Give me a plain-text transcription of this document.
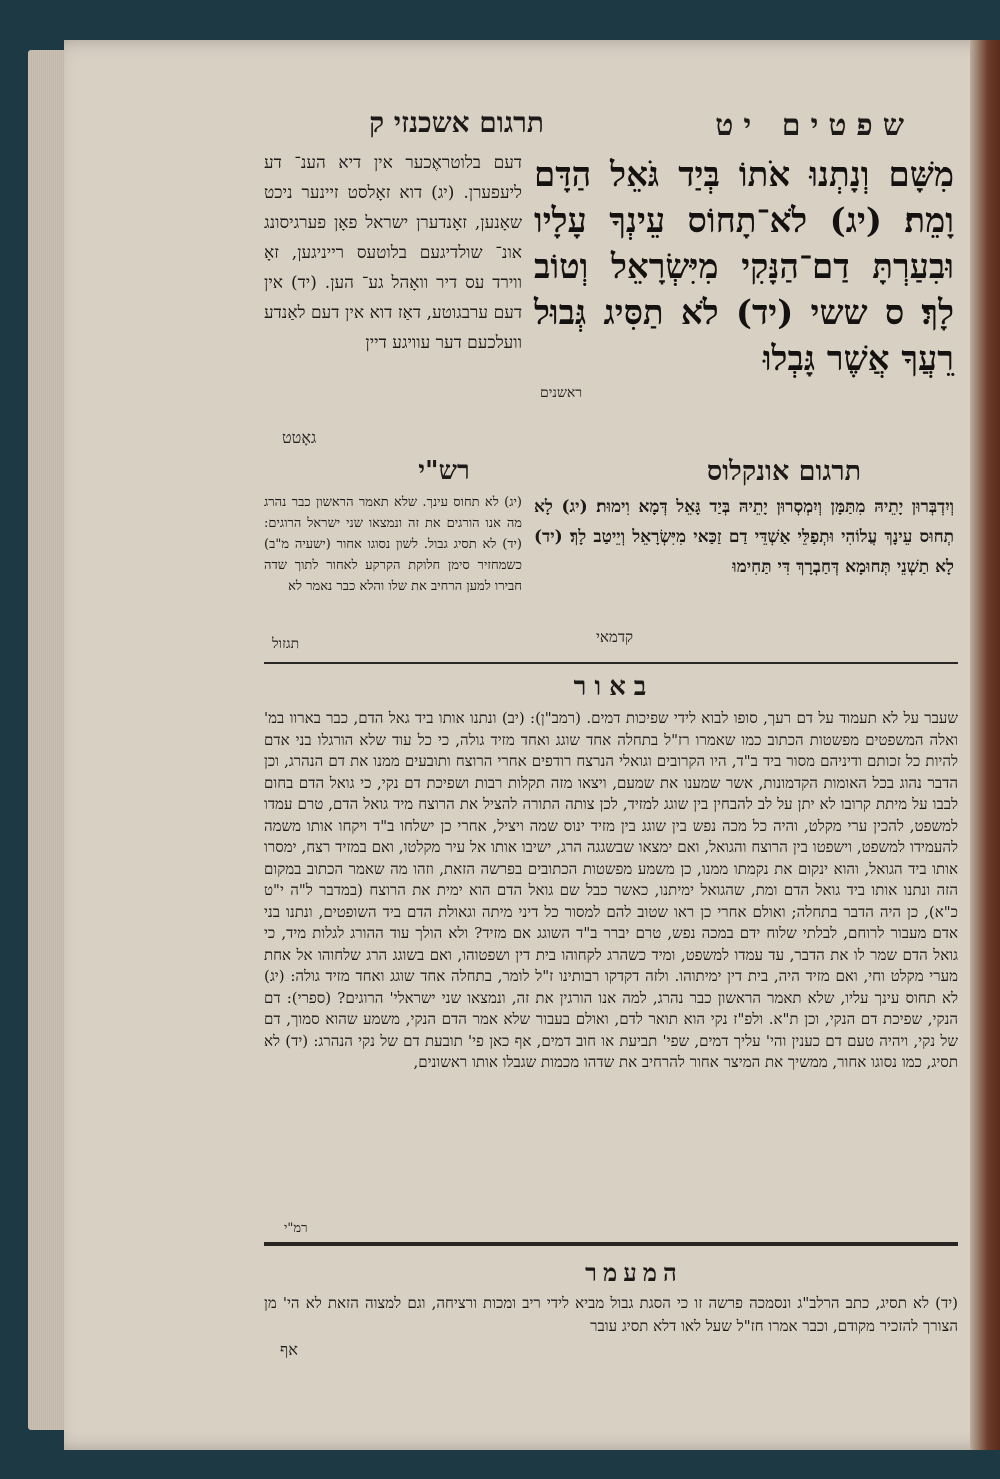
שפטים יט
תרגום אשכנזי ק
מִשָּׁם וְנָתְנוּ אֹתוֹ בְּיַד גֹּאֵל הַדָּם וָמֵת׃ (יג) לֹא־תָחוֹס עֵינְךָ עָלָיו וּבִעַרְתָּ דַם־הַנָּקִי מִיִּשְׂרָאֵל וְטוֹב לָךְ׃ ס ששי (יד) לֹא תַסִּיג גְּבוּל רֵעֲךָ אֲשֶׁר גָּבְלוּ
ראשנים
דעם בלוטראֶכער אין דיא הענ־ דע ליעפערן. (יג) דוא זאָלסט זיינער ניכט שאָנען, זאָנדערן ישראל פאָן פערגיסונג אונ־ שולדיגעם בלוטעס רייניגען, זאָ ווירד עס דיר וואָהל גע־ הען. (יד) אין דעם ערבגוטע, דאַז דוא אין דעם לאַנדע וועלכעם דער עוויגע דיין
גאָטט
תרגום אונקלוס
וְיִדְבְּרוּן יָתֵיהּ מִתַּמָּן וְיִמְסְרוּן יָתֵיהּ בְּיַד גָּאֵל דְּמָא וִימוּת׃ (יג) לָא תְחוּס עֵינָךְ עֲלוֹהִי וּתְפַלֵּי אַשְׁדֵּי דַם זַכַּאי מִיִּשְׂרָאֵל וְיֵיטַב לָךְ׃ (יד) לָא תַשְׁנֵי תְּחוּמָא דְּחַבְרָךְ דִּי תַּחִימוּ
קדמאי
רש"י
(יג) לא תחוס עינך. שלא תאמר הראשון כבר נהרג מה אנו הורגים את זה ונמצאו שני ישראל הרוגים: (יד) לא תסיג גבול. לשון נסוגו אחור (ישעיה מ"ב) כשמחזיר סימן חלוקת הקרקע לאחור לתוך שדה חבירו למען הרחיב את שלו והלא כבר נאמר לא
תגזול
באור
שעבר על לא תעמוד על דם רעך, סופו לבוא לידי שפיכות דמים. (רמב"ן): (יב) ונתנו אותו ביד גאל הדם, כבר בארוו במ' ואלה המשפטים מפשטות הכתוב כמו שאמרו רז"ל בתחלה אחד שוגג ואחד מזיד גולה, כי כל עוד שלא הורגלו בני אדם להיות כל זכותם ודיניהם מסור ביד ב"ד, היו הקרובים וגואלי הנרצח רודפים אחרי הרוצח ותובעים ממנו את דם הנהרג, וכן הדבר נהוג בכל האומות הקדמונות, אשר שמענו את שמעם, ויצאו מזה תקלות רבות ושפיכת דם נקי, כי גואל הדם בחום לבבו על מיתת קרובו לא יתן על לב להבחין בין שוגג למזיד, לכן צותה התורה להציל את הרוצח מיד גואל הדם, טרם עמדו למשפט, להכין ערי מקלט, והיה כל מכה נפש בין שוגג בין מזיד ינוס שמה ויציל, אחרי כן ישלחו ב"ד ויקחו אותו משמה להעמידו למשפט, וישפטו בין הרוצח והגואל, ואם ימצאו שבשגגה הרג, ישיבו אותו אל עיר מקלטו, ואם במזיד רצח, ימסרו אותו ביד הגואל, והוא ינקום את נקמתו ממנו, כן משמע מפשטות הכתובים בפרשה הזאת, וזהו מה שאמר הכתוב במקום הזה ונתנו אותו ביד גואל הדם ומת, שהגואל ימיתנו, כאשר כבל שם גואל הדם הוא ימית את הרוצח (במדבר ל"ה י"ט כ"א), כן היה הדבר בתחלה; ואולם אחרי כן ראו שטוב להם למסור כל דיני מיתה וגאולת הדם ביד השופטים, ונתנו בני אדם מעבור לרוחם, לבלתי שלוח ידם במכה נפש, טרם יברר ב"ד השוגג אם מזיד? ולא הולך עוד ההורג לגלות מיד, כי גואל הדם שמר לו את הדבר, עד עמדו למשפט, ומיד כשהרג לקחוהו בית דין ושפטוהו, ואם בשוגג הרג שלחוהו אל אחת מערי מקלט וחי, ואם מזיד היה, בית דין ימיתוהו. ולזה דקדקו רבותינו ז"ל לומר, בתחלה אחד שוגג ואחד מזיד גולה: (יג) לא תחוס עינך עליו, שלא תאמר הראשון כבר נהרג, למה אנו הורגין את זה, ונמצאו שני ישראלי' הרוגים? (ספרי): דם הנקי, שפיכת דם הנקי, וכן ת"א. ולפ"ז נקי הוא תואר לדם, ואולם בעבור שלא אמר הדם הנקי, משמע שהוא סמוך, דם של נקי, ויהיה טעם דם כענין והי' עליך דמים, שפי' תביעת או חוב דמים, אף כאן פי' תובעת דם של נקי הנהרג: (יד) לא תסיג, כמו נסוגו אחור, ממשיך את המיצר אחור להרחיב את שדהו מכמות שגבלו אותו ראשונים,
רמ"י
המעמר
(יד) לא תסיג, כתב הרלב"ג ונסמכה פרשה זו כי הסגת גבול מביא לידי ריב ומכות ורציחה, וגם למצוה הזאת לא הי' מן הצורך להזכיר מקודם, וכבר אמרו חז"ל שעל לאו דלא תסיג עובר
אף
